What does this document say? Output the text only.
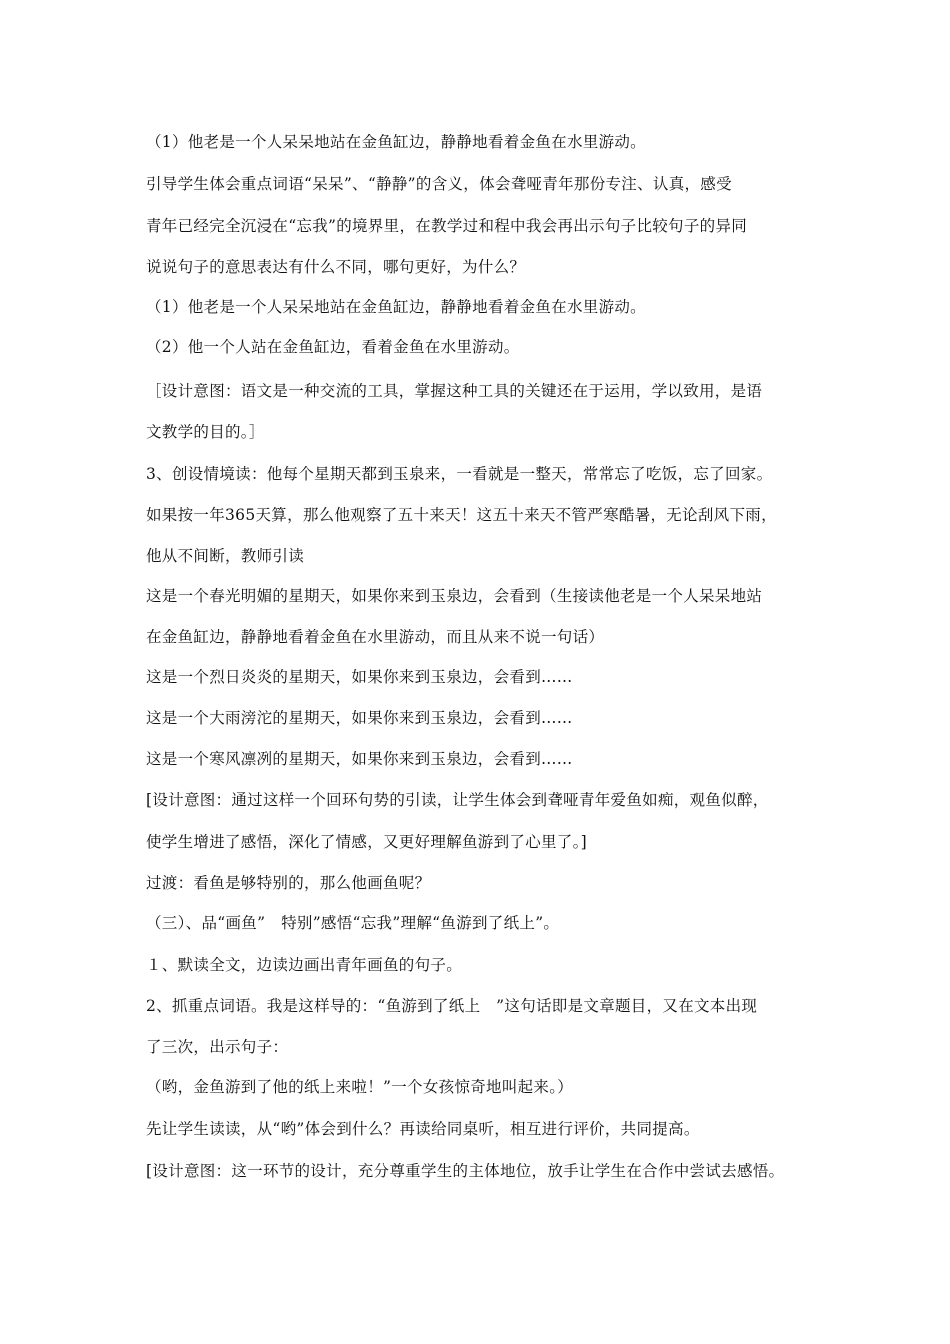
（1）他老是一个人呆呆地站在金鱼缸边，静静地看着金鱼在水里游动。
引导学生体会重点词语“呆呆”、“静静”的含义，体会聋哑青年那份专注、认真，感受
青年已经完全沉浸在“忘我”的境界里，在教学过和程中我会再出示句子比较句子的异同
说说句子的意思表达有什么不同，哪句更好，为什么？
（1）他老是一个人呆呆地站在金鱼缸边，静静地看着金鱼在水里游动。
（2）他一个人站在金鱼缸边，看着金鱼在水里游动。
［设计意图：语文是一种交流的工具，掌握这种工具的关键还在于运用，学以致用，是语
文教学的目的。］
3、创设情境读：他每个星期天都到玉泉来，一看就是一整天，常常忘了吃饭，忘了回家。
如果按一年365天算，那么他观察了五十来天！这五十来天不管严寒酷暑，无论刮风下雨，
他从不间断，教师引读
这是一个春光明媚的星期天，如果你来到玉泉边，会看到（生接读他老是一个人呆呆地站
在金鱼缸边，静静地看着金鱼在水里游动，而且从来不说一句话）
这是一个烈日炎炎的星期天，如果你来到玉泉边，会看到……
这是一个大雨滂沱的星期天，如果你来到玉泉边，会看到……
这是一个寒风凛冽的星期天，如果你来到玉泉边，会看到……
[设计意图：通过这样一个回环句势的引读，让学生体会到聋哑青年爱鱼如痴，观鱼似醉，
使学生增进了感悟，深化了情感，又更好理解鱼游到了心里了。]
过渡：看鱼是够特别的，那么他画鱼呢？
（三）、品“画鱼”　特别”感悟“忘我”理解“鱼游到了纸上”。
１、默读全文，边读边画出青年画鱼的句子。
2、抓重点词语。我是这样导的：“鱼游到了纸上　”这句话即是文章题目，又在文本出现
了三次，出示句子：
（哟，金鱼游到了他的纸上来啦！”一个女孩惊奇地叫起来。）
先让学生读读，从“哟”体会到什么？再读给同桌听，相互进行评价，共同提高。
[设计意图：这一环节的设计，充分尊重学生的主体地位，放手让学生在合作中尝试去感悟。
